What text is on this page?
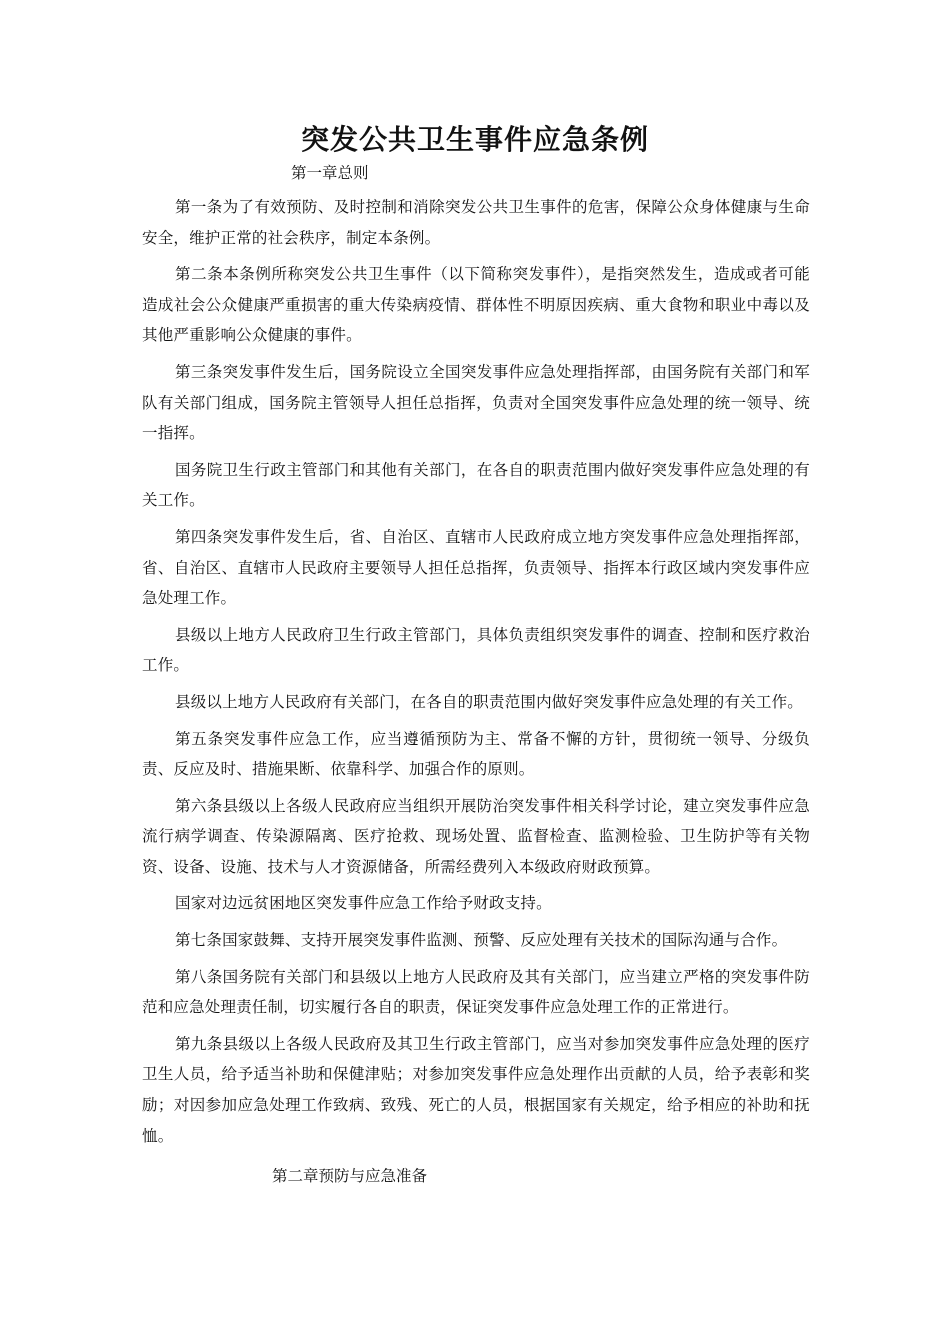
突发公共卫生事件应急条例

第一章总则

第一条为了有效预防、及时控制和消除突发公共卫生事件的危害，保障公众身体健康与生命安全，维护正常的社会秩序，制定本条例。

第二条本条例所称突发公共卫生事件（以下简称突发事件），是指突然发生，造成或者可能造成社会公众健康严重损害的重大传染病疫情、群体性不明原因疾病、重大食物和职业中毒以及其他严重影响公众健康的事件。

第三条突发事件发生后，国务院设立全国突发事件应急处理指挥部，由国务院有关部门和军队有关部门组成，国务院主管领导人担任总指挥，负责对全国突发事件应急处理的统一领导、统一指挥。

国务院卫生行政主管部门和其他有关部门，在各自的职责范围内做好突发事件应急处理的有关工作。

第四条突发事件发生后，省、自治区、直辖市人民政府成立地方突发事件应急处理指挥部，省、自治区、直辖市人民政府主要领导人担任总指挥，负责领导、指挥本行政区域内突发事件应急处理工作。

县级以上地方人民政府卫生行政主管部门，具体负责组织突发事件的调查、控制和医疗救治工作。

县级以上地方人民政府有关部门，在各自的职责范围内做好突发事件应急处理的有关工作。

第五条突发事件应急工作，应当遵循预防为主、常备不懈的方针，贯彻统一领导、分级负责、反应及时、措施果断、依靠科学、加强合作的原则。

第六条县级以上各级人民政府应当组织开展防治突发事件相关科学讨论，建立突发事件应急流行病学调查、传染源隔离、医疗抢救、现场处置、监督检查、监测检验、卫生防护等有关物资、设备、设施、技术与人才资源储备，所需经费列入本级政府财政预算。

国家对边远贫困地区突发事件应急工作给予财政支持。

第七条国家鼓舞、支持开展突发事件监测、预警、反应处理有关技术的国际沟通与合作。

第八条国务院有关部门和县级以上地方人民政府及其有关部门，应当建立严格的突发事件防范和应急处理责任制，切实履行各自的职责，保证突发事件应急处理工作的正常进行。

第九条县级以上各级人民政府及其卫生行政主管部门，应当对参加突发事件应急处理的医疗卫生人员，给予适当补助和保健津贴；对参加突发事件应急处理作出贡献的人员，给予表彰和奖励；对因参加应急处理工作致病、致残、死亡的人员，根据国家有关规定，给予相应的补助和抚恤。

第二章预防与应急准备
